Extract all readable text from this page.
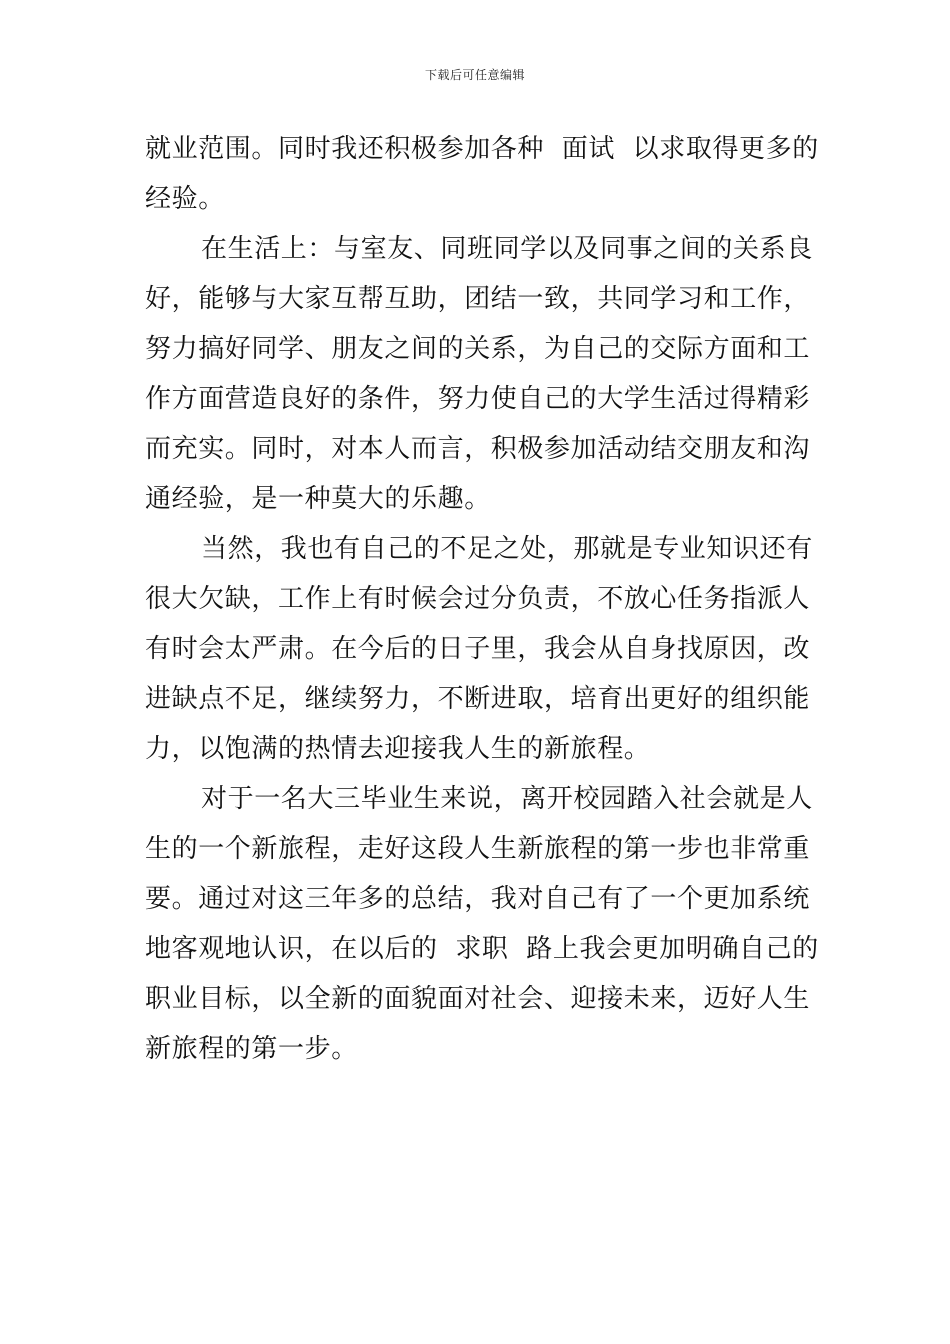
下载后可任意编辑
就业范围。同时我还积极参加各种  面试  以求取得更多的
经验。
在生活上：与室友、同班同学以及同事之间的关系良
好，能够与大家互帮互助，团结一致，共同学习和工作，
努力搞好同学、朋友之间的关系，为自己的交际方面和工
作方面营造良好的条件，努力使自己的大学生活过得精彩
而充实。同时，对本人而言，积极参加活动结交朋友和沟
通经验，是一种莫大的乐趣。
当然，我也有自己的不足之处，那就是专业知识还有
很大欠缺，工作上有时候会过分负责，不放心任务指派人
有时会太严肃。在今后的日子里，我会从自身找原因，改
进缺点不足，继续努力，不断进取，培育出更好的组织能
力，以饱满的热情去迎接我人生的新旅程。
对于一名大三毕业生来说，离开校园踏入社会就是人
生的一个新旅程，走好这段人生新旅程的第一步也非常重
要。通过对这三年多的总结，我对自己有了一个更加系统
地客观地认识，在以后的  求职  路上我会更加明确自己的
职业目标，以全新的面貌面对社会、迎接未来，迈好人生
新旅程的第一步。
